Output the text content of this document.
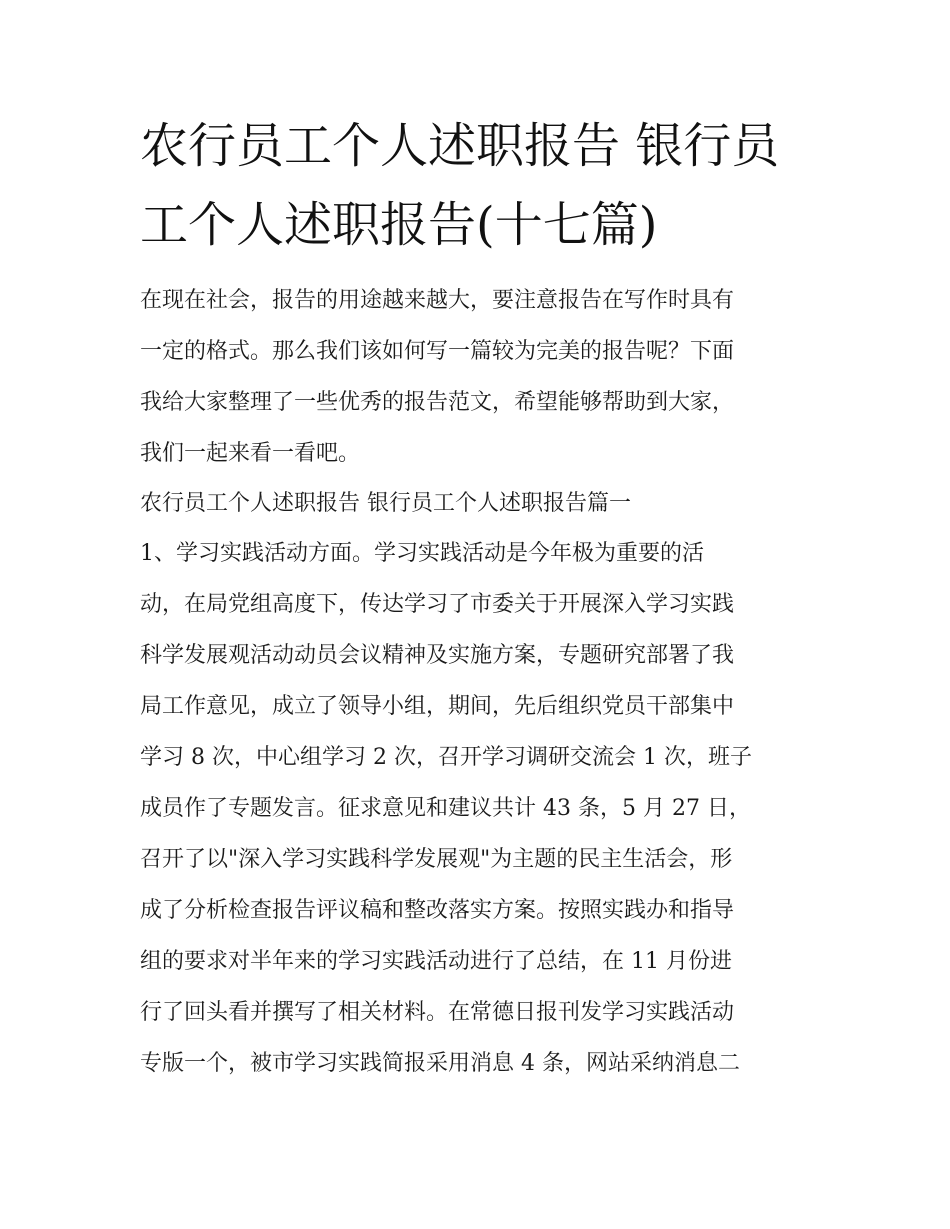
农行员工个人述职报告 银行员
工个人述职报告(十七篇)
在现在社会，报告的用途越来越大，要注意报告在写作时具有
一定的格式。那么我们该如何写一篇较为完美的报告呢？下面
我给大家整理了一些优秀的报告范文，希望能够帮助到大家，
我们一起来看一看吧。
农行员工个人述职报告 银行员工个人述职报告篇一
1、学习实践活动方面。学习实践活动是今年极为重要的活
动，在局党组高度下，传达学习了市委关于开展深入学习实践
科学发展观活动动员会议精神及实施方案，专题研究部署了我
局工作意见，成立了领导小组，期间，先后组织党员干部集中
学习 8 次，中心组学习 2 次，召开学习调研交流会 1 次，班子
成员作了专题发言。征求意见和建议共计 43 条，5 月 27 日，
召开了以"深入学习实践科学发展观"为主题的民主生活会，形
成了分析检查报告评议稿和整改落实方案。按照实践办和指导
组的要求对半年来的学习实践活动进行了总结，在 11 月份进
行了回头看并撰写了相关材料。在常德日报刊发学习实践活动
专版一个，被市学习实践简报采用消息 4 条，网站采纳消息二
